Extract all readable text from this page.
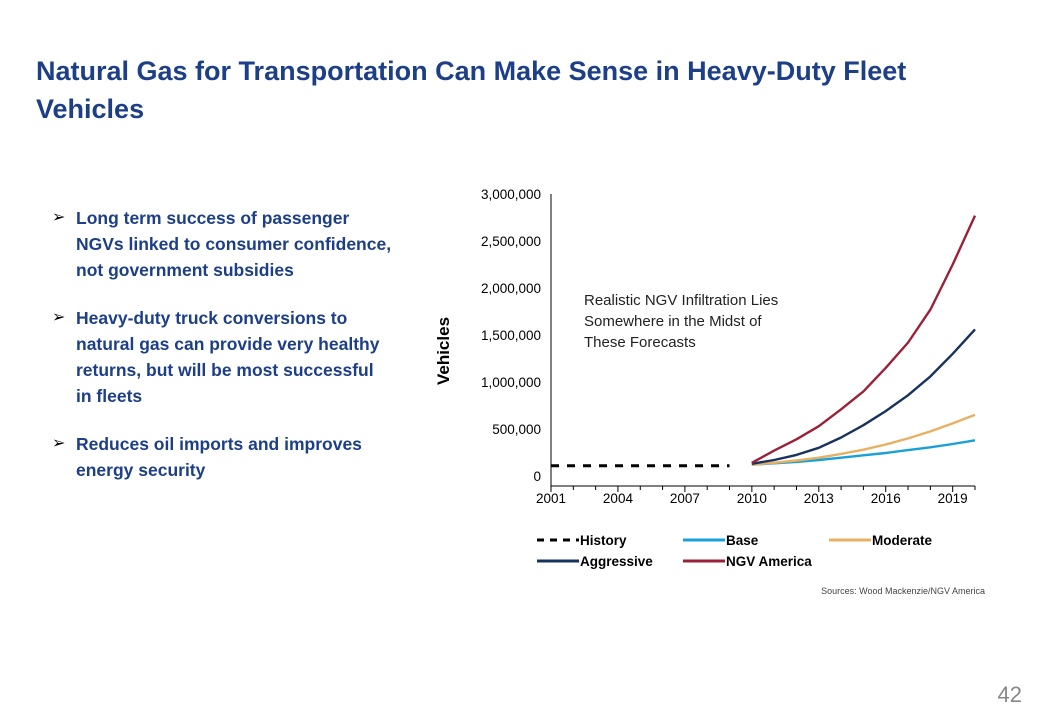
Natural Gas for Transportation Can Make Sense in Heavy-Duty Fleet Vehicles
➢ Long term success of passenger NGVs linked to consumer confidence, not government subsidies
➢ Heavy-duty truck conversions to natural gas can provide very healthy returns, but will be most successful in fleets
➢ Reduces oil imports and improves energy security	0
500,000
1,000,000
1,500,000
2,000,000
2,500,000
3,000,000
2001	2004	2007	2010	2013	2016	2019
Vehicles
Realistic NGV Infiltration Lies
Somewhere in the Midst of
These Forecasts
History	Base	Moderate
Aggressive	NGV America
Sources: Wood Mackenzie/NGV America
42
